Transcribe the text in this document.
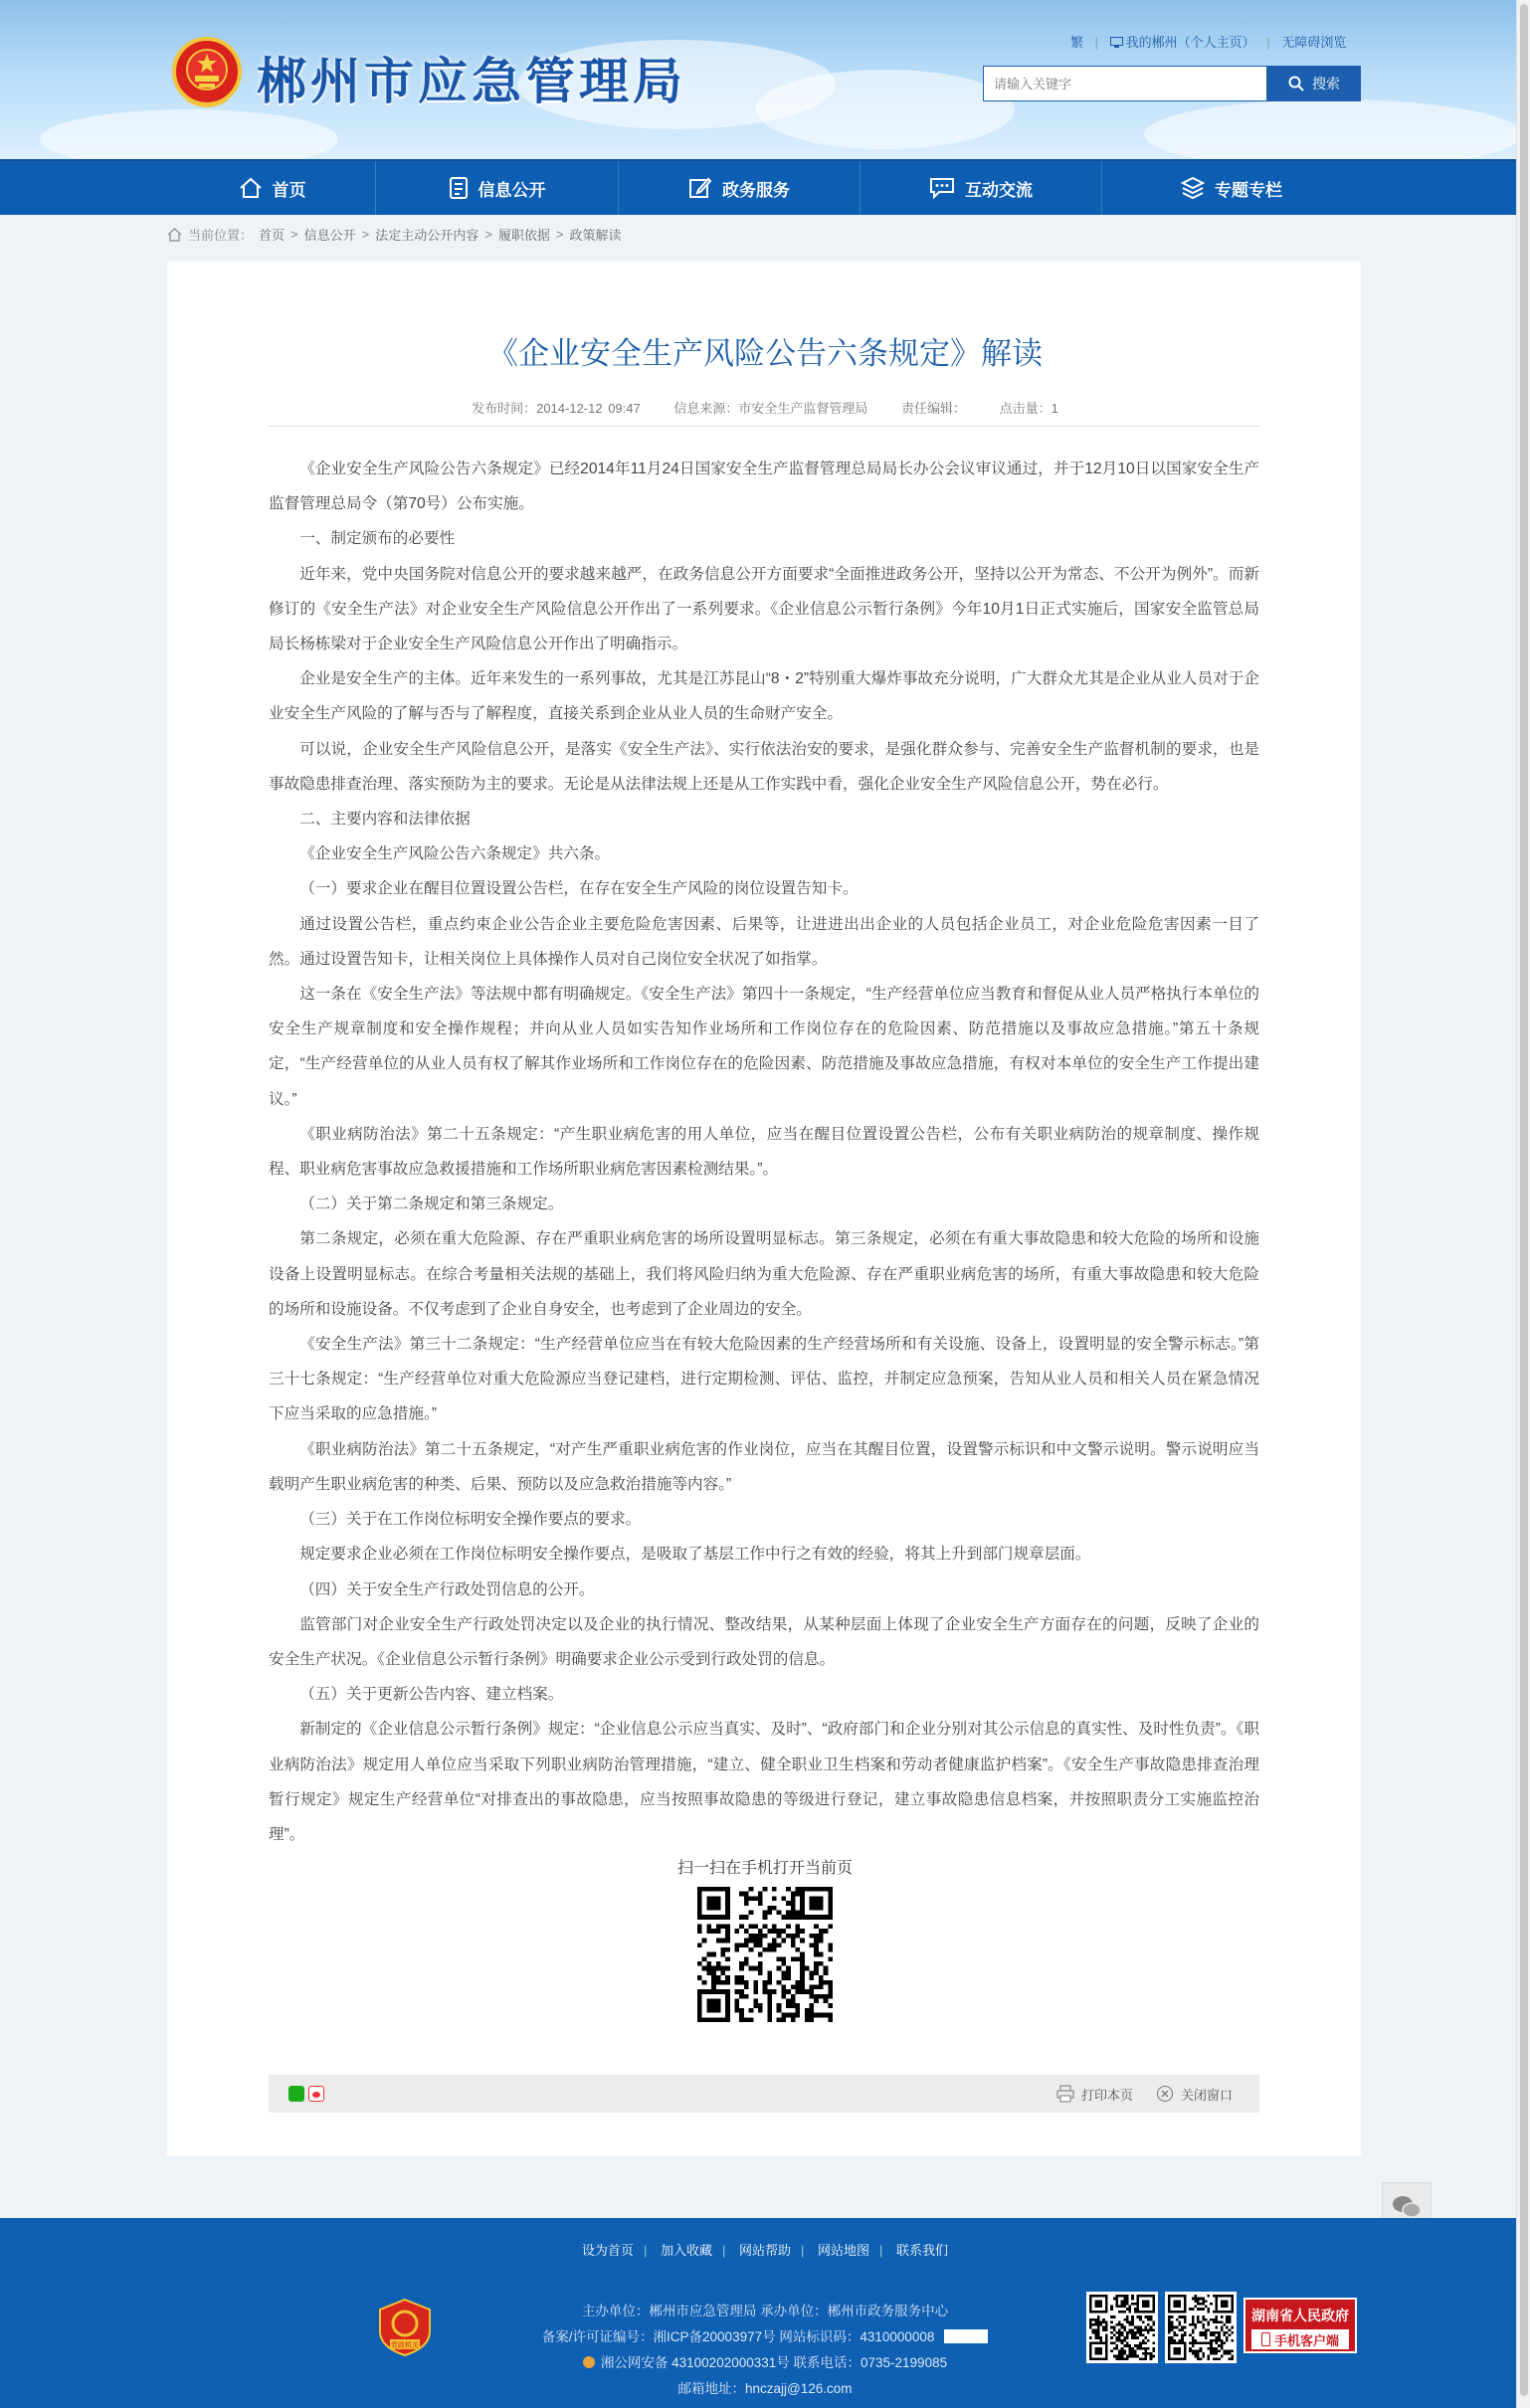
郴州市应急管理局
繁 | 我的郴州（个人主页） | 无障碍浏览
请输入关键字
搜索
首页	信息公开	政务服务	互动交流	专题专栏
当前位置： 首页 > 信息公开 > 法定主动公开内容 > 履职依据 > 政策解读
《企业安全生产风险公告六条规定》解读
发布时间：2014-12-12 09:47	信息来源：市安全生产监督管理局	责任编辑：	点击量：1

《企业安全生产风险公告六条规定》已经2014年11月24日国家安全生产监督管理总局局长办公会议审议通过，并于12月10日以国家安全生产监督管理总局令（第70号）公布实施。

一、制定颁布的必要性

近年来，党中央国务院对信息公开的要求越来越严，在政务信息公开方面要求“全面推进政务公开，坚持以公开为常态、不公开为例外”。而新修订的《安全生产法》对企业安全生产风险信息公开作出了一系列要求。《企业信息公示暂行条例》今年10月1日正式实施后，国家安全监管总局局长杨栋梁对于企业安全生产风险信息公开作出了明确指示。

企业是安全生产的主体。近年来发生的一系列事故，尤其是江苏昆山“8・2”特别重大爆炸事故充分说明，广大群众尤其是企业从业人员对于企业安全生产风险的了解与否与了解程度，直接关系到企业从业人员的生命财产安全。

可以说，企业安全生产风险信息公开，是落实《安全生产法》、实行依法治安的要求，是强化群众参与、完善安全生产监督机制的要求，也是事故隐患排查治理、落实预防为主的要求。无论是从法律法规上还是从工作实践中看，强化企业安全生产风险信息公开，势在必行。

二、主要内容和法律依据

《企业安全生产风险公告六条规定》共六条。

（一）要求企业在醒目位置设置公告栏，在存在安全生产风险的岗位设置告知卡。

通过设置公告栏，重点约束企业公告企业主要危险危害因素、后果等，让进进出出企业的人员包括企业员工，对企业危险危害因素一目了然。通过设置告知卡，让相关岗位上具体操作人员对自己岗位安全状况了如指掌。

这一条在《安全生产法》等法规中都有明确规定。《安全生产法》第四十一条规定，“生产经营单位应当教育和督促从业人员严格执行本单位的安全生产规章制度和安全操作规程；并向从业人员如实告知作业场所和工作岗位存在的危险因素、防范措施以及事故应急措施。”第五十条规定，“生产经营单位的从业人员有权了解其作业场所和工作岗位存在的危险因素、防范措施及事故应急措施，有权对本单位的安全生产工作提出建议。”

《职业病防治法》第二十五条规定：“产生职业病危害的用人单位，应当在醒目位置设置公告栏，公布有关职业病防治的规章制度、操作规程、职业病危害事故应急救援措施和工作场所职业病危害因素检测结果。”。

（二）关于第二条规定和第三条规定。

第二条规定，必须在重大危险源、存在严重职业病危害的场所设置明显标志。第三条规定，必须在有重大事故隐患和较大危险的场所和设施设备上设置明显标志。在综合考量相关法规的基础上，我们将风险归纳为重大危险源、存在严重职业病危害的场所，有重大事故隐患和较大危险的场所和设施设备。不仅考虑到了企业自身安全，也考虑到了企业周边的安全。

《安全生产法》第三十二条规定：“生产经营单位应当在有较大危险因素的生产经营场所和有关设施、设备上，设置明显的安全警示标志。”第三十七条规定：“生产经营单位对重大危险源应当登记建档，进行定期检测、评估、监控，并制定应急预案，告知从业人员和相关人员在紧急情况下应当采取的应急措施。”

《职业病防治法》第二十五条规定，“对产生严重职业病危害的作业岗位，应当在其醒目位置，设置警示标识和中文警示说明。警示说明应当载明产生职业病危害的种类、后果、预防以及应急救治措施等内容。”

（三）关于在工作岗位标明安全操作要点的要求。

规定要求企业必须在工作岗位标明安全操作要点，是吸取了基层工作中行之有效的经验，将其上升到部门规章层面。

（四）关于安全生产行政处罚信息的公开。

监管部门对企业安全生产行政处罚决定以及企业的执行情况、整改结果，从某种层面上体现了企业安全生产方面存在的问题，反映了企业的安全生产状况。《企业信息公示暂行条例》明确要求企业公示受到行政处罚的信息。

（五）关于更新公告内容、建立档案。

新制定的《企业信息公示暂行条例》规定：“企业信息公示应当真实、及时”、“政府部门和企业分别对其公示信息的真实性、及时性负责”。《职业病防治法》规定用人单位应当采取下列职业病防治管理措施，“建立、健全职业卫生档案和劳动者健康监护档案”。《安全生产事故隐患排查治理暂行规定》规定生产经营单位“对排查出的事故隐患，应当按照事故隐患的等级进行登记，建立事故隐患信息档案，并按照职责分工实施监控治理”。

扫一扫在手机打开当前页
打印本页	关闭窗口
设为首页 | 加入收藏 | 网站帮助 | 网站地图 | 联系我们
党政机关
主办单位：郴州市应急管理局 承办单位：郴州市政务服务中心
备案/许可证编号：湘ICP备20003977号 网站标识码：4310000008
湘公网安备 43100202000331号 联系电话：0735-2199085
邮箱地址：hnczajj@126.com
湖南省人民政府
手机客户端
